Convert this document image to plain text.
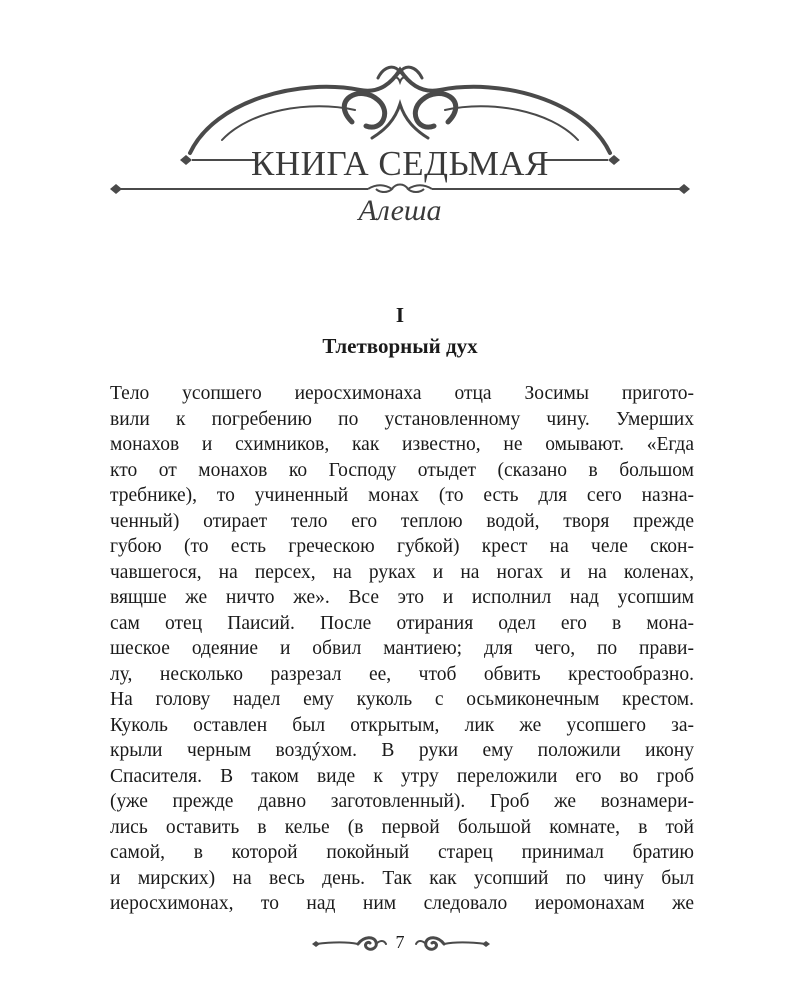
КНИГА СЕДЬМАЯ
Алеша
I
Тлетворный дух
Тело усопшего иеросхимонаха отца Зосимы пригото-
вили к погребению по установленному чину. Умерших
монахов и схимников, как известно, не омывают. «Егда
кто от монахов ко Господу отыдет (сказано в большом
требнике), то учиненный монах (то есть для сего назна-
ченный) отирает тело его теплою водой, творя прежде
губою (то есть греческою губкой) крест на челе скон-
чавшегося, на персех, на руках и на ногах и на коленах,
вящше же ничто же». Все это и исполнил над усопшим
сам отец Паисий. После отирания одел его в мона-
шеское одеяние и обвил мантиею; для чего, по прави-
лу, несколько разрезал ее, чтоб обвить крестообразно.
На голову надел ему куколь с осьмиконечным крестом.
Куколь оставлен был открытым, лик же усопшего за-
крыли черным воздýхом. В руки ему положили икону
Спасителя. В таком виде к утру переложили его во гроб
(уже прежде давно заготовленный). Гроб же вознамери-
лись оставить в келье (в первой большой комнате, в той
самой, в которой покойный старец принимал братию
и мирских) на весь день. Так как усопший по чину был
иеросхимонах, то над ним следовало иеромонахам же
7
